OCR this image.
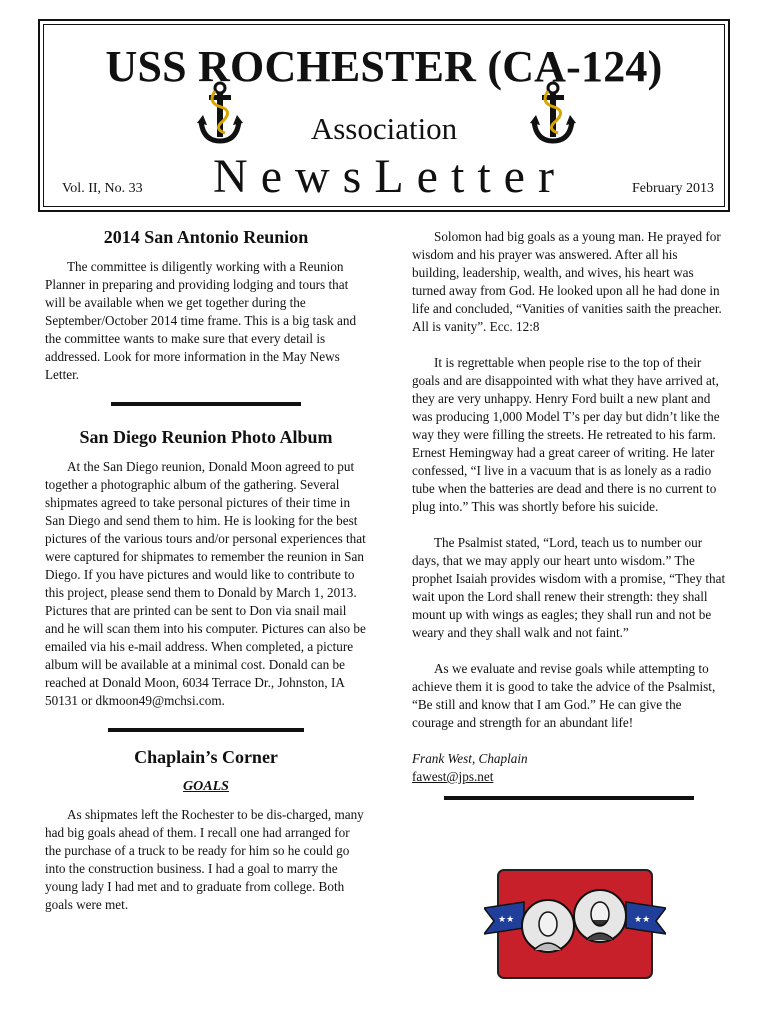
USS ROCHESTER (CA-124)
Association
NewsLetter
Vol. II, No. 33	February 2013
2014 San Antonio Reunion

The committee is diligently working with a Reunion Planner in preparing and providing lodging and tours that will be available when we get together during the September/October 2014 time frame. This is a big task and the committee wants to make sure that every detail is addressed. Look for more information in the May News Letter.

San Diego Reunion Photo Album

At the San Diego reunion, Donald Moon agreed to put together a photographic album of the gathering. Several shipmates agreed to take personal pictures of their time in San Diego and send them to him. He is looking for the best pictures of the various tours and/or personal experiences that were captured for shipmates to remember the reunion in San Diego. If you have pictures and would like to contribute to this project, please send them to Donald by March 1, 2013. Pictures that are printed can be sent to Don via snail mail and he will scan them into his computer. Pictures can also be emailed via his e-mail address. When completed, a picture album will be available at a minimal cost. Donald can be reached at Donald Moon, 6034 Terrace Dr., Johnston, IA 50131 or dkmoon49@mchsi.com.

Chaplain’s Corner
GOALS

As shipmates left the Rochester to be dis-charged, many had big goals ahead of them. I recall one had arranged for the purchase of a truck to be ready for him so he could go into the construction business. I had a goal to marry the young lady I had met and to graduate from college. Both goals were met.

Solomon had big goals as a young man. He prayed for wisdom and his prayer was answered. After all his building, leadership, wealth, and wives, his heart was turned away from God. He looked upon all he had done in life and concluded, “Vanities of vanities saith the preacher. All is vanity”. Ecc. 12:8

It is regrettable when people rise to the top of their goals and are disappointed with what they have arrived at, they are very unhappy. Henry Ford built a new plant and was producing 1,000 Model T’s per day but didn’t like the way they were filling the streets. He retreated to his farm. Ernest Hemingway had a great career of writing. He later confessed, “I live in a vacuum that is as lonely as a radio tube when the batteries are dead and there is no current to plug into.” This was shortly before his suicide.

The Psalmist stated, “Lord, teach us to number our days, that we may apply our heart unto wisdom.” The prophet Isaiah provides wisdom with a promise, “They that wait upon the Lord shall renew their strength: they shall mount up with wings as eagles; they shall run and not be weary and they shall walk and not faint.”

As we evaluate and revise goals while attempting to achieve them it is good to take the advice of the Psalmist, “Be still and know that I am God.” He can give the courage and strength for an abundant life!

Frank West, Chaplain
fawest@jps.net
★★	★★
